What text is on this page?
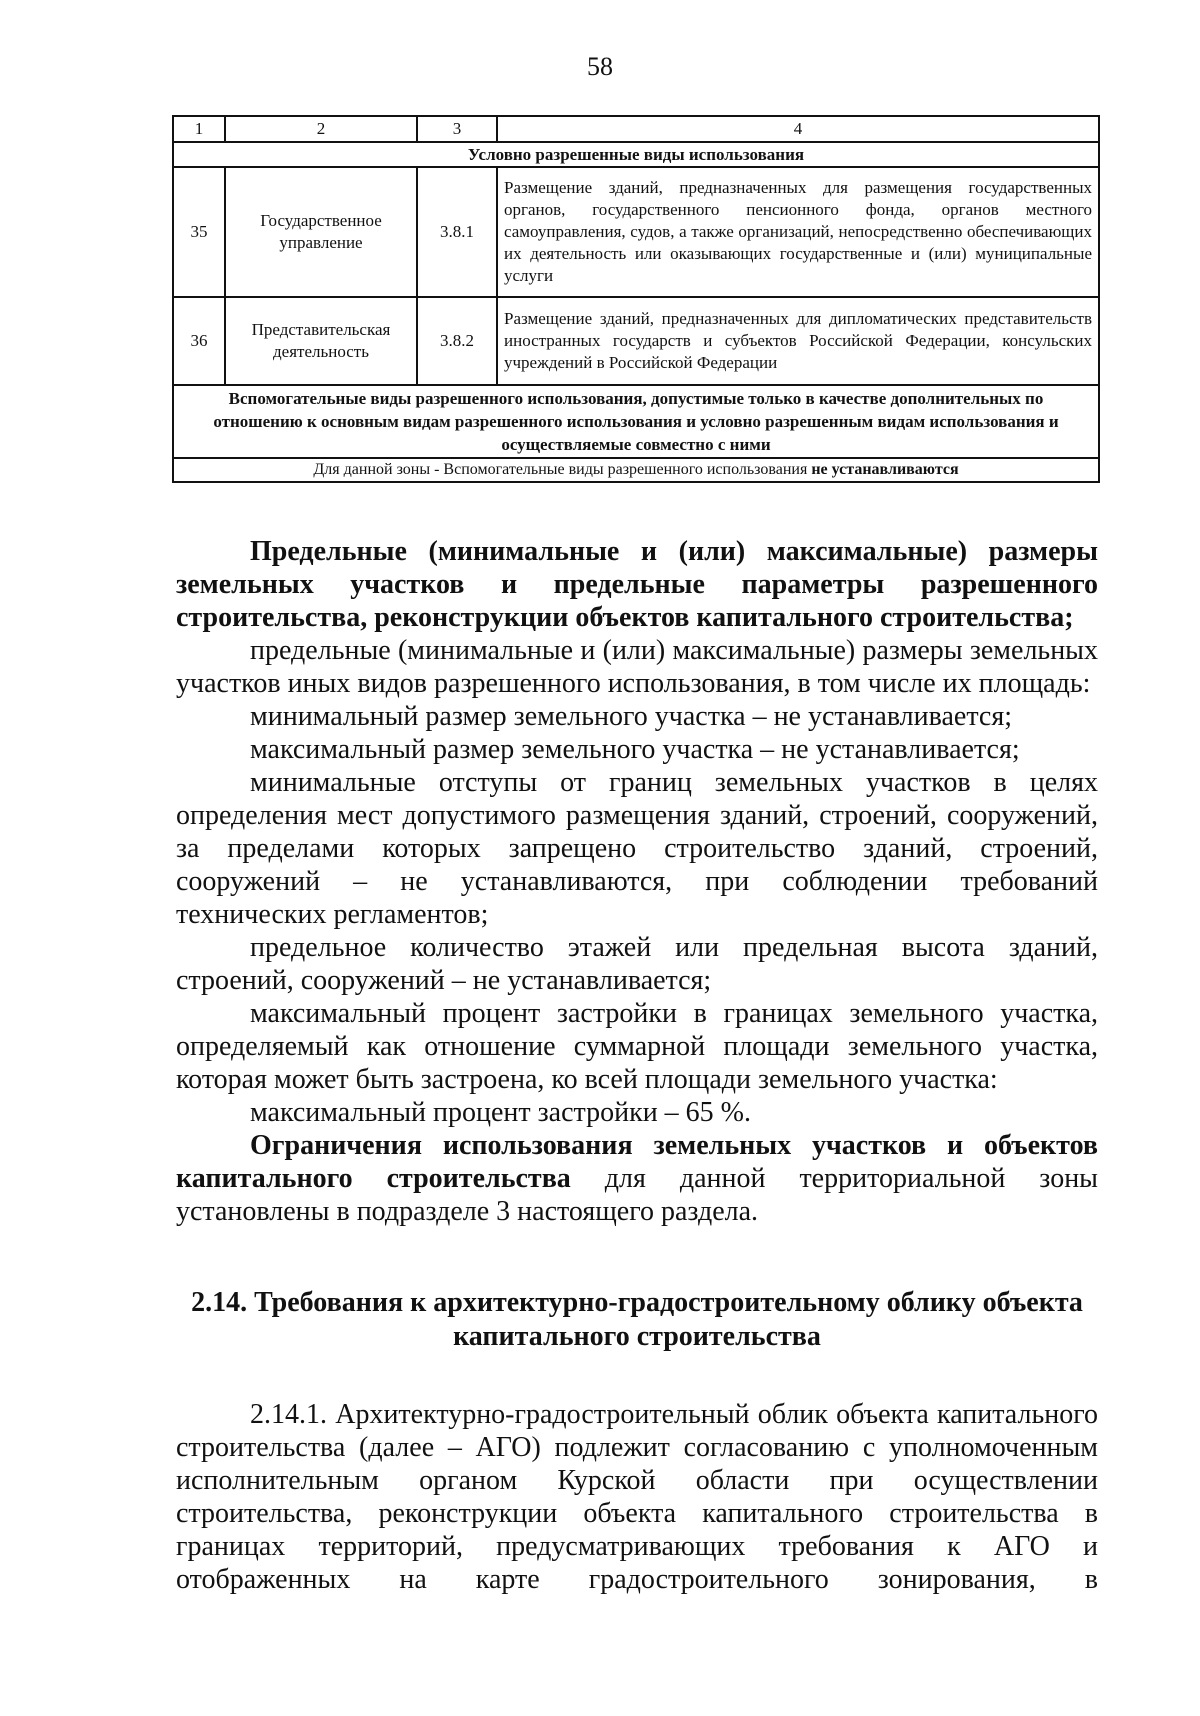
58
1	2	3	4
Условно разрешенные виды использования			
35	Государственное управление	3.8.1	Размещение зданий, предназначенных для размещения государственных органов, государственного пенсионного фонда, органов местного самоуправления, судов, а также организаций, непосредственно обеспечивающих их деятельность или оказывающих государственные и (или) муниципальные услуги
36	Представительская деятельность	3.8.2	Размещение зданий, предназначенных для дипломатических представительств иностранных государств и субъектов Российской Федерации, консульских учреждений в Российской Федерации
Вспомогательные виды разрешенного использования, допустимые только в качестве дополнительных по отношению к основным видам разрешенного использования и условно разрешенным видам использования и осуществляемые совместно с ними			
Для данной зоны - Вспомогательные виды разрешенного использования не устанавливаются			

Предельные (минимальные и (или) максимальные) размеры земельных участков и предельные параметры разрешенного строительства, реконструкции объектов капитального строительства;

предельные (минимальные и (или) максимальные) размеры земельных участков иных видов разрешенного использования, в том числе их площадь:

минимальный размер земельного участка – не устанавливается;

максимальный размер земельного участка – не устанавливается;

минимальные отступы от границ земельных участков в целях определения мест допустимого размещения зданий, строений, сооружений, за пределами которых запрещено строительство зданий, строений, сооружений – не устанавливаются, при соблюдении требований технических регламентов;

предельное количество этажей или предельная высота зданий, строений, сооружений – не устанавливается;

максимальный процент застройки в границах земельного участка, определяемый как отношение суммарной площади земельного участка, которая может быть застроена, ко всей площади земельного участка:

максимальный процент застройки – 65 %.

Ограничения использования земельных участков и объектов капитального строительства для данной территориальной зоны установлены в подразделе 3 настоящего раздела.

2.14. Требования к архитектурно-градостроительному облику объекта капитального строительства

2.14.1. Архитектурно-градостроительный облик объекта капитального строительства (далее – АГО) подлежит согласованию с уполномоченным исполнительным органом Курской области при осуществлении строительства, реконструкции объекта капитального строительства в границах территорий, предусматривающих требования к АГО и отображенных на карте градостроительного зонирования, в
